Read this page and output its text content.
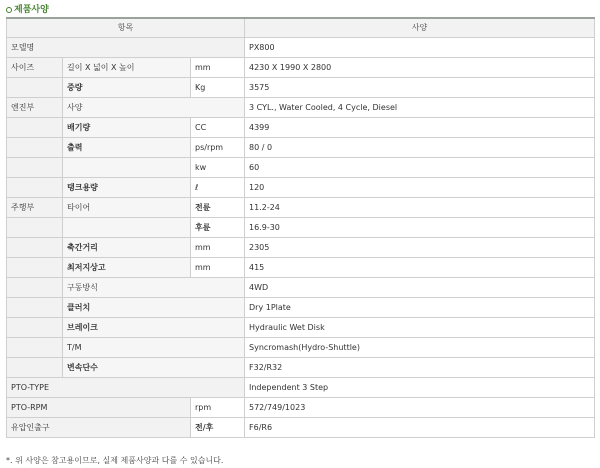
제품사양
항목			사양
모델명			PX800
사이즈	길이 X 넓이 X 높이	mm	4230 X 1990 X 2800
	중량	Kg	3575
엔진부	사양		3 CYL., Water Cooled, 4 Cycle, Diesel
	배기량	CC	4399
	출력	ps/rpm	80 / 0
		kw	60
	탱크용량	ℓ	120
주행부	타이어	전륜	11.2-24
		후륜	16.9-30
	축간거리	mm	2305
	최저지상고	mm	415
	구동방식		4WD
	클러치		Dry 1Plate
	브레이크		Hydraulic Wet Disk
	T/M		Syncromash(Hydro-Shuttle)
	변속단수		F32/R32
PTO-TYPE			Independent 3 Step
PTO-RPM		rpm	572/749/1023
유압인출구		전/후	F6/R6
*. 위 사양은 참고용이므로, 실제 제품사양과 다를 수 있습니다.
